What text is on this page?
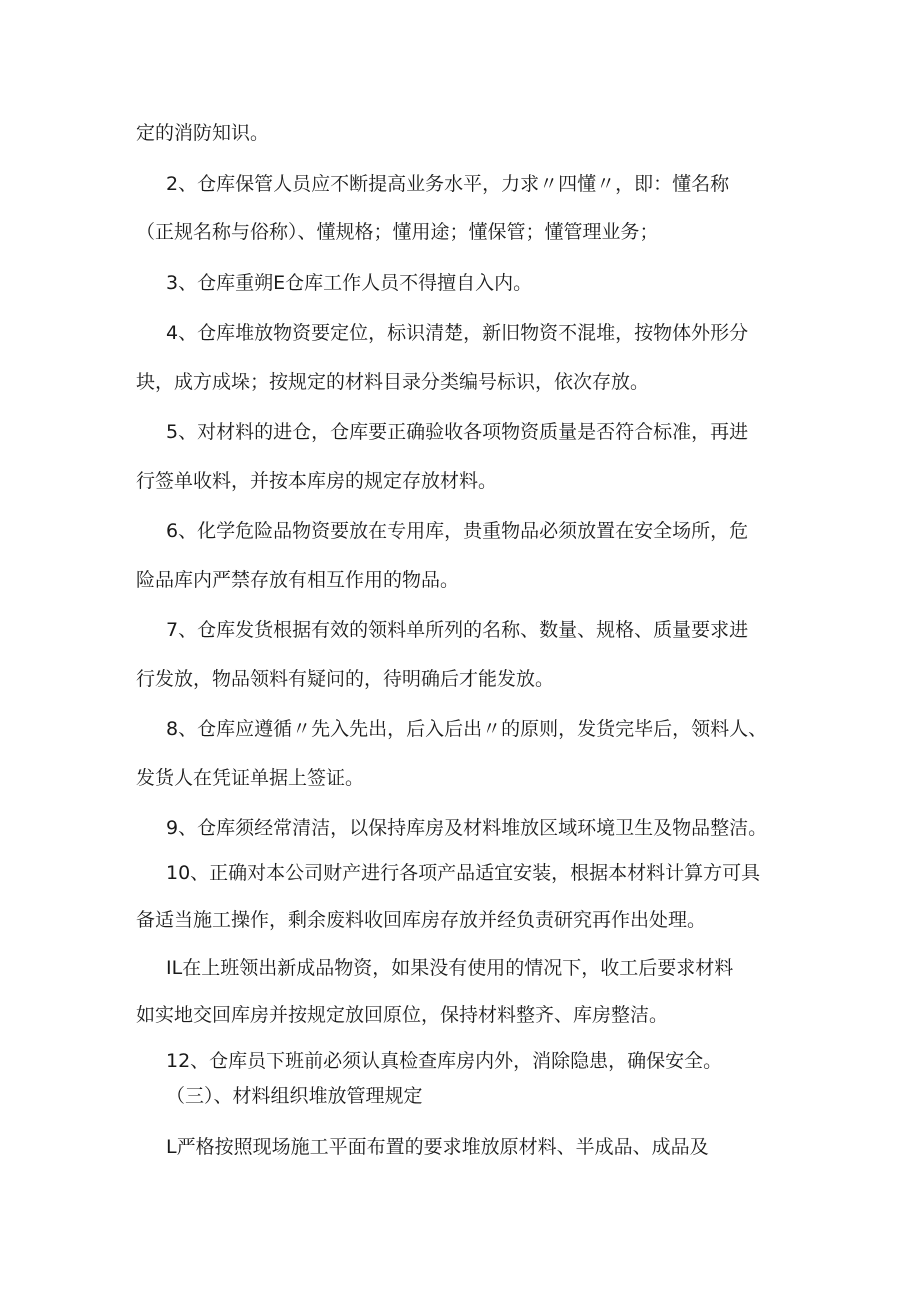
定的消防知识。
2、仓库保管人员应不断提高业务水平，力求〃四懂〃，即：懂名称
（正规名称与俗称）、懂规格；懂用途；懂保管；懂管理业务；
3、仓库重朔E仓库工作人员不得擅自入内。
4、仓库堆放物资要定位，标识清楚，新旧物资不混堆，按物体外形分
块，成方成垛；按规定的材料目录分类编号标识，依次存放。
5、对材料的进仓，仓库要正确验收各项物资质量是否符合标准，再进
行签单收料，并按本库房的规定存放材料。
6、化学危险品物资要放在专用库，贵重物品必须放置在安全场所，危
险品库内严禁存放有相互作用的物品。
7、仓库发货根据有效的领料单所列的名称、数量、规格、质量要求进
行发放，物品领料有疑问的，待明确后才能发放。
8、仓库应遵循〃先入先出，后入后出〃的原则，发货完毕后，领料人、
发货人在凭证单据上签证。
9、仓库须经常清洁，以保持库房及材料堆放区域环境卫生及物品整洁。
10、正确对本公司财产进行各项产品适宜安装，根据本材料计算方可具
备适当施工操作，剩余废料收回库房存放并经负责研究再作出处理。
IL在上班领出新成品物资，如果没有使用的情况下，收工后要求材料
如实地交回库房并按规定放回原位，保持材料整齐、库房整洁。
12、仓库员下班前必须认真检查库房内外，消除隐患，确保安全。
（三）、材料组织堆放管理规定
L严格按照现场施工平面布置的要求堆放原材料、半成品、成品及
